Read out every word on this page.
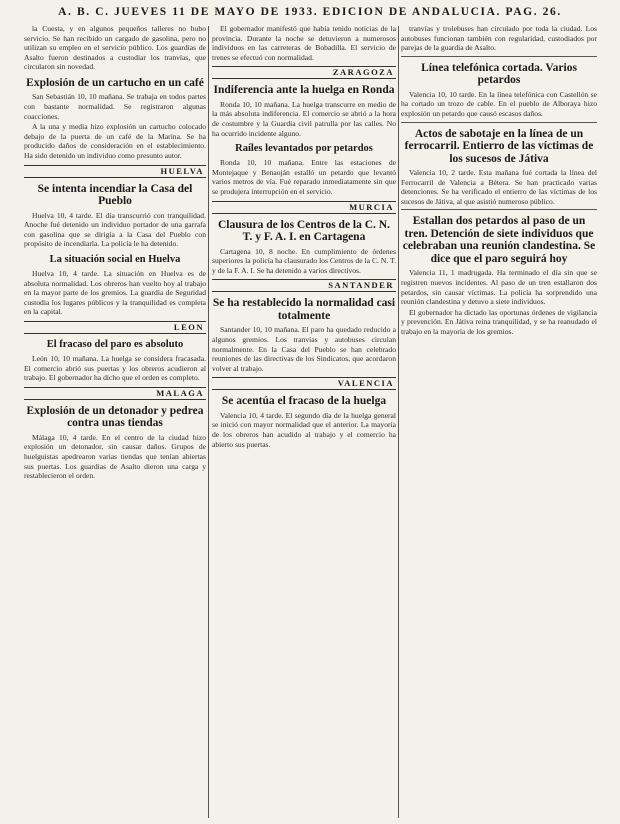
A. B. C. JUEVES 11 DE MAYO DE 1933. EDICION DE ANDALUCIA. PAG. 26.

la Cuesta, y en algunos pequeños talleres no hubo servicio. Se han recibido un cargado de gasolina, pero no utilizan su empleo en el servicio público. Los guardias de Asalto fueron destinados a custodiar los tranvías, que circularon sin novedad.

Explosión de un cartucho en un café

San Sebastián 10, 10 mañana. Se trabaja en todos partes con bastante normalidad. Se registraron algunas coacciones.

A la una y media hizo explosión un cartucho colocado debajo de la puerta de un café de la Marina. Se ha producido daños de consideración en el establecimiento. Ha sido detenido un individuo como presunto autor.

HUELVA
Se intenta incendiar la Casa del Pueblo

Huelva 10, 4 tarde. El día transcurrió con tranquilidad. Anoche fué detenido un individuo portador de una garrafa con gasolina que se dirigía a la Casa del Pueblo con propósito de incendiarla. La policía le ha detenido.

La situación social en Huelva

Huelva 10, 4 tarde. La situación en Huelva es de absoluta normalidad. Los obreros han vuelto hoy al trabajo en la mayor parte de los gremios. La guardia de Seguridad custodia los lugares públicos y la tranquilidad es completa en la capital.

LEON
El fracaso del paro es absoluto

León 10, 10 mañana. La huelga se considera fracasada. El comercio abrió sus puertas y los obreros acudieron al trabajo. El gobernador ha dicho que el orden es completo.

MALAGA
Explosión de un detonador y pedrea contra unas tiendas

Málaga 10, 4 tarde. En el centro de la ciudad hizo explosión un detonador, sin causar daños. Grupos de huelguistas apedrearon varias tiendas que tenían abiertas sus puertas. Los guardias de Asalto dieron una carga y restablecieron el orden.

El gobernador manifestó que había tenido noticias de la provincia. Durante la noche se detuvieron a numerosos individuos en las carreteras de Bobadilla. El servicio de trenes se efectuó con normalidad.

ZARAGOZA
Indiferencia ante la huelga en Ronda

Ronda 10, 10 mañana. La huelga transcurre en medio de la más absoluta indiferencia. El comercio se abrió a la hora de costumbre y la Guardia civil patrulla por las calles. No ha ocurrido incidente alguno.

Raíles levantados por petardos

Ronda 10, 10 mañana. Entre las estaciones de Montejaque y Benaoján estalló un petardo que levantó varios metros de vía. Fué reparado inmediatamente sin que se produjera interrupción en el servicio.

MURCIA
Clausura de los Centros de la C. N. T. y F. A. I. en Cartagena

Cartagena 10, 8 noche. En cumplimiento de órdenes superiores la policía ha clausurado los Centros de la C. N. T. y de la F. A. I. Se ha detenido a varios directivos.

SANTANDER
Se ha restablecido la normalidad casi totalmente

Santander 10, 10 mañana. El paro ha quedado reducido a algunos gremios. Los tranvías y autobuses circulan normalmente. En la Casa del Pueblo se han celebrado reuniones de las directivas de los Sindicatos, que acordaron volver al trabajo.

VALENCIA
Se acentúa el fracaso de la huelga

Valencia 10, 4 tarde. El segundo día de la huelga general se inició con mayor normalidad que el anterior. La mayoría de los obreros han acudido al trabajo y el comercio ha abierto sus puertas.

tranvías y trolebuses han circulado por toda la ciudad. Los autobuses funcionan también con regularidad, custodiados por parejas de la guardia de Asalto.

Línea telefónica cortada. Varios petardos

Valencia 10, 10 tarde. En la línea telefónica con Castellón se ha cortado un trozo de cable. En el pueblo de Alboraya hizo explosión un petardo que causó escasos daños.

Actos de sabotaje en la línea de un ferrocarril. Entierro de las víctimas de los sucesos de Játiva

Valencia 10, 2 tarde. Esta mañana fué cortada la línea del Ferrocarril de Valencia a Bétera. Se han practicado varias detenciones. Se ha verificado el entierro de las víctimas de los sucesos de Játiva, al que asistió numeroso público.

Estallan dos petardos al paso de un tren. Detención de siete individuos que celebraban una reunión clandestina. Se dice que el paro seguirá hoy

Valencia 11, 1 madrugada. Ha terminado el día sin que se registren nuevos incidentes. Al paso de un tren estallaron dos petardos, sin causar víctimas. La policía ha sorprendido una reunión clandestina y detuvo a siete individuos.

El gobernador ha dictado las oportunas órdenes de vigilancia y prevención. En Játiva reina tranquilidad, y se ha reanudado el trabajo en la mayoría de los gremios.
